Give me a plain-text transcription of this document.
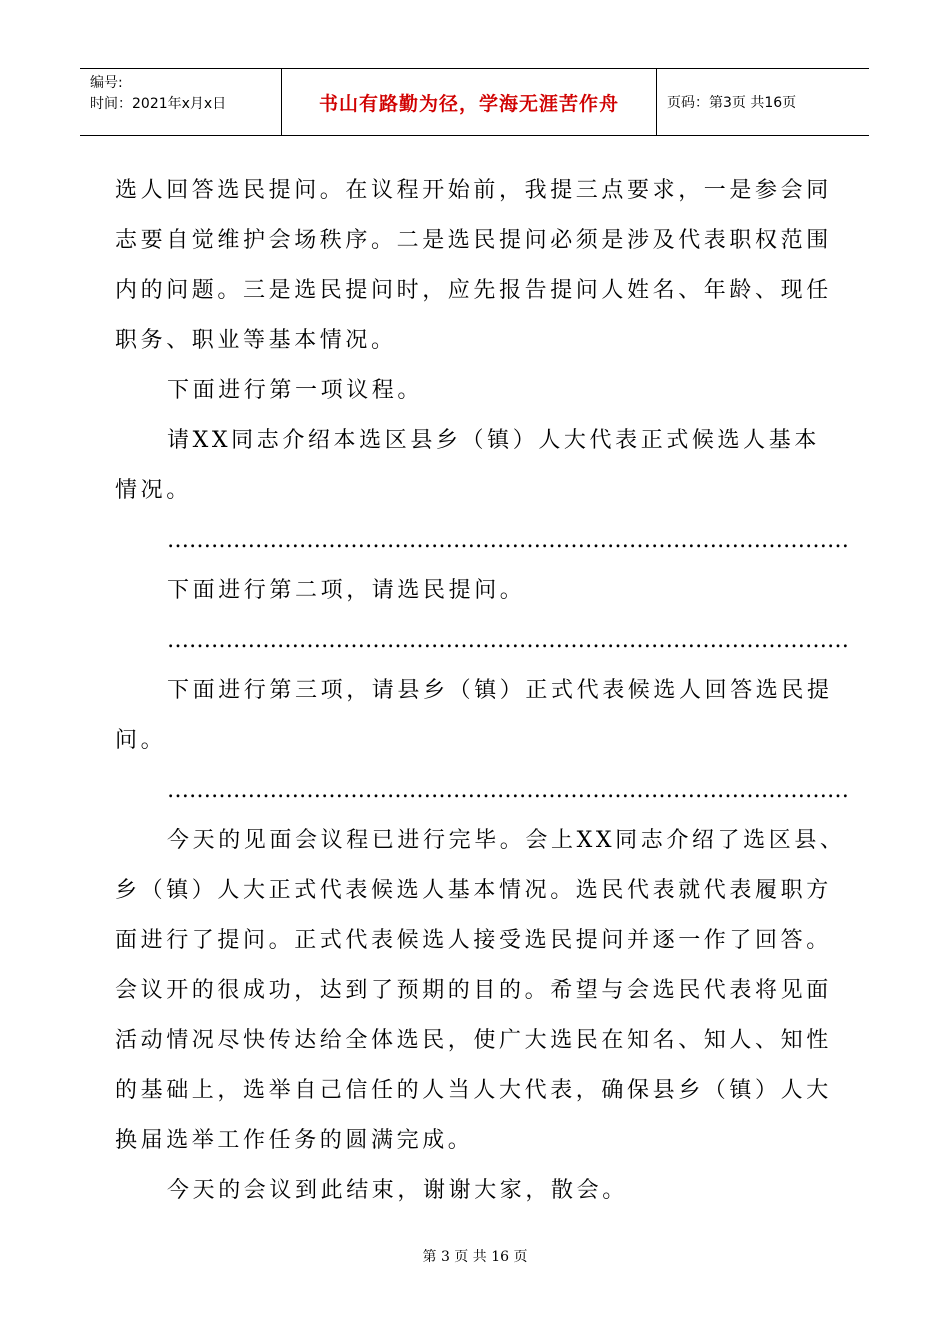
编号:
时间：2021年x月x日	书山有路勤为径，学海无涯苦作舟	页码：第3页 共16页

选人回答选民提问。在议程开始前，我提三点要求，一是参会同

志要自觉维护会场秩序。二是选民提问必须是涉及代表职权范围

内的问题。三是选民提问时，应先报告提问人姓名、年龄、现任

职务、职业等基本情况。

下面进行第一项议程。

请XX同志介绍本选区县乡（镇）人大代表正式候选人基本

情况。

…………………………………………………………………………………

下面进行第二项，请选民提问。

…………………………………………………………………………………

下面进行第三项，请县乡（镇）正式代表候选人回答选民提

问。

…………………………………………………………………………………

今天的见面会议程已进行完毕。会上XX同志介绍了选区县、

乡（镇）人大正式代表候选人基本情况。选民代表就代表履职方

面进行了提问。正式代表候选人接受选民提问并逐一作了回答。

会议开的很成功，达到了预期的目的。希望与会选民代表将见面

活动情况尽快传达给全体选民，使广大选民在知名、知人、知性

的基础上，选举自己信任的人当人大代表，确保县乡（镇）人大

换届选举工作任务的圆满完成。

今天的会议到此结束，谢谢大家，散会。

第 3 页 共 16 页
